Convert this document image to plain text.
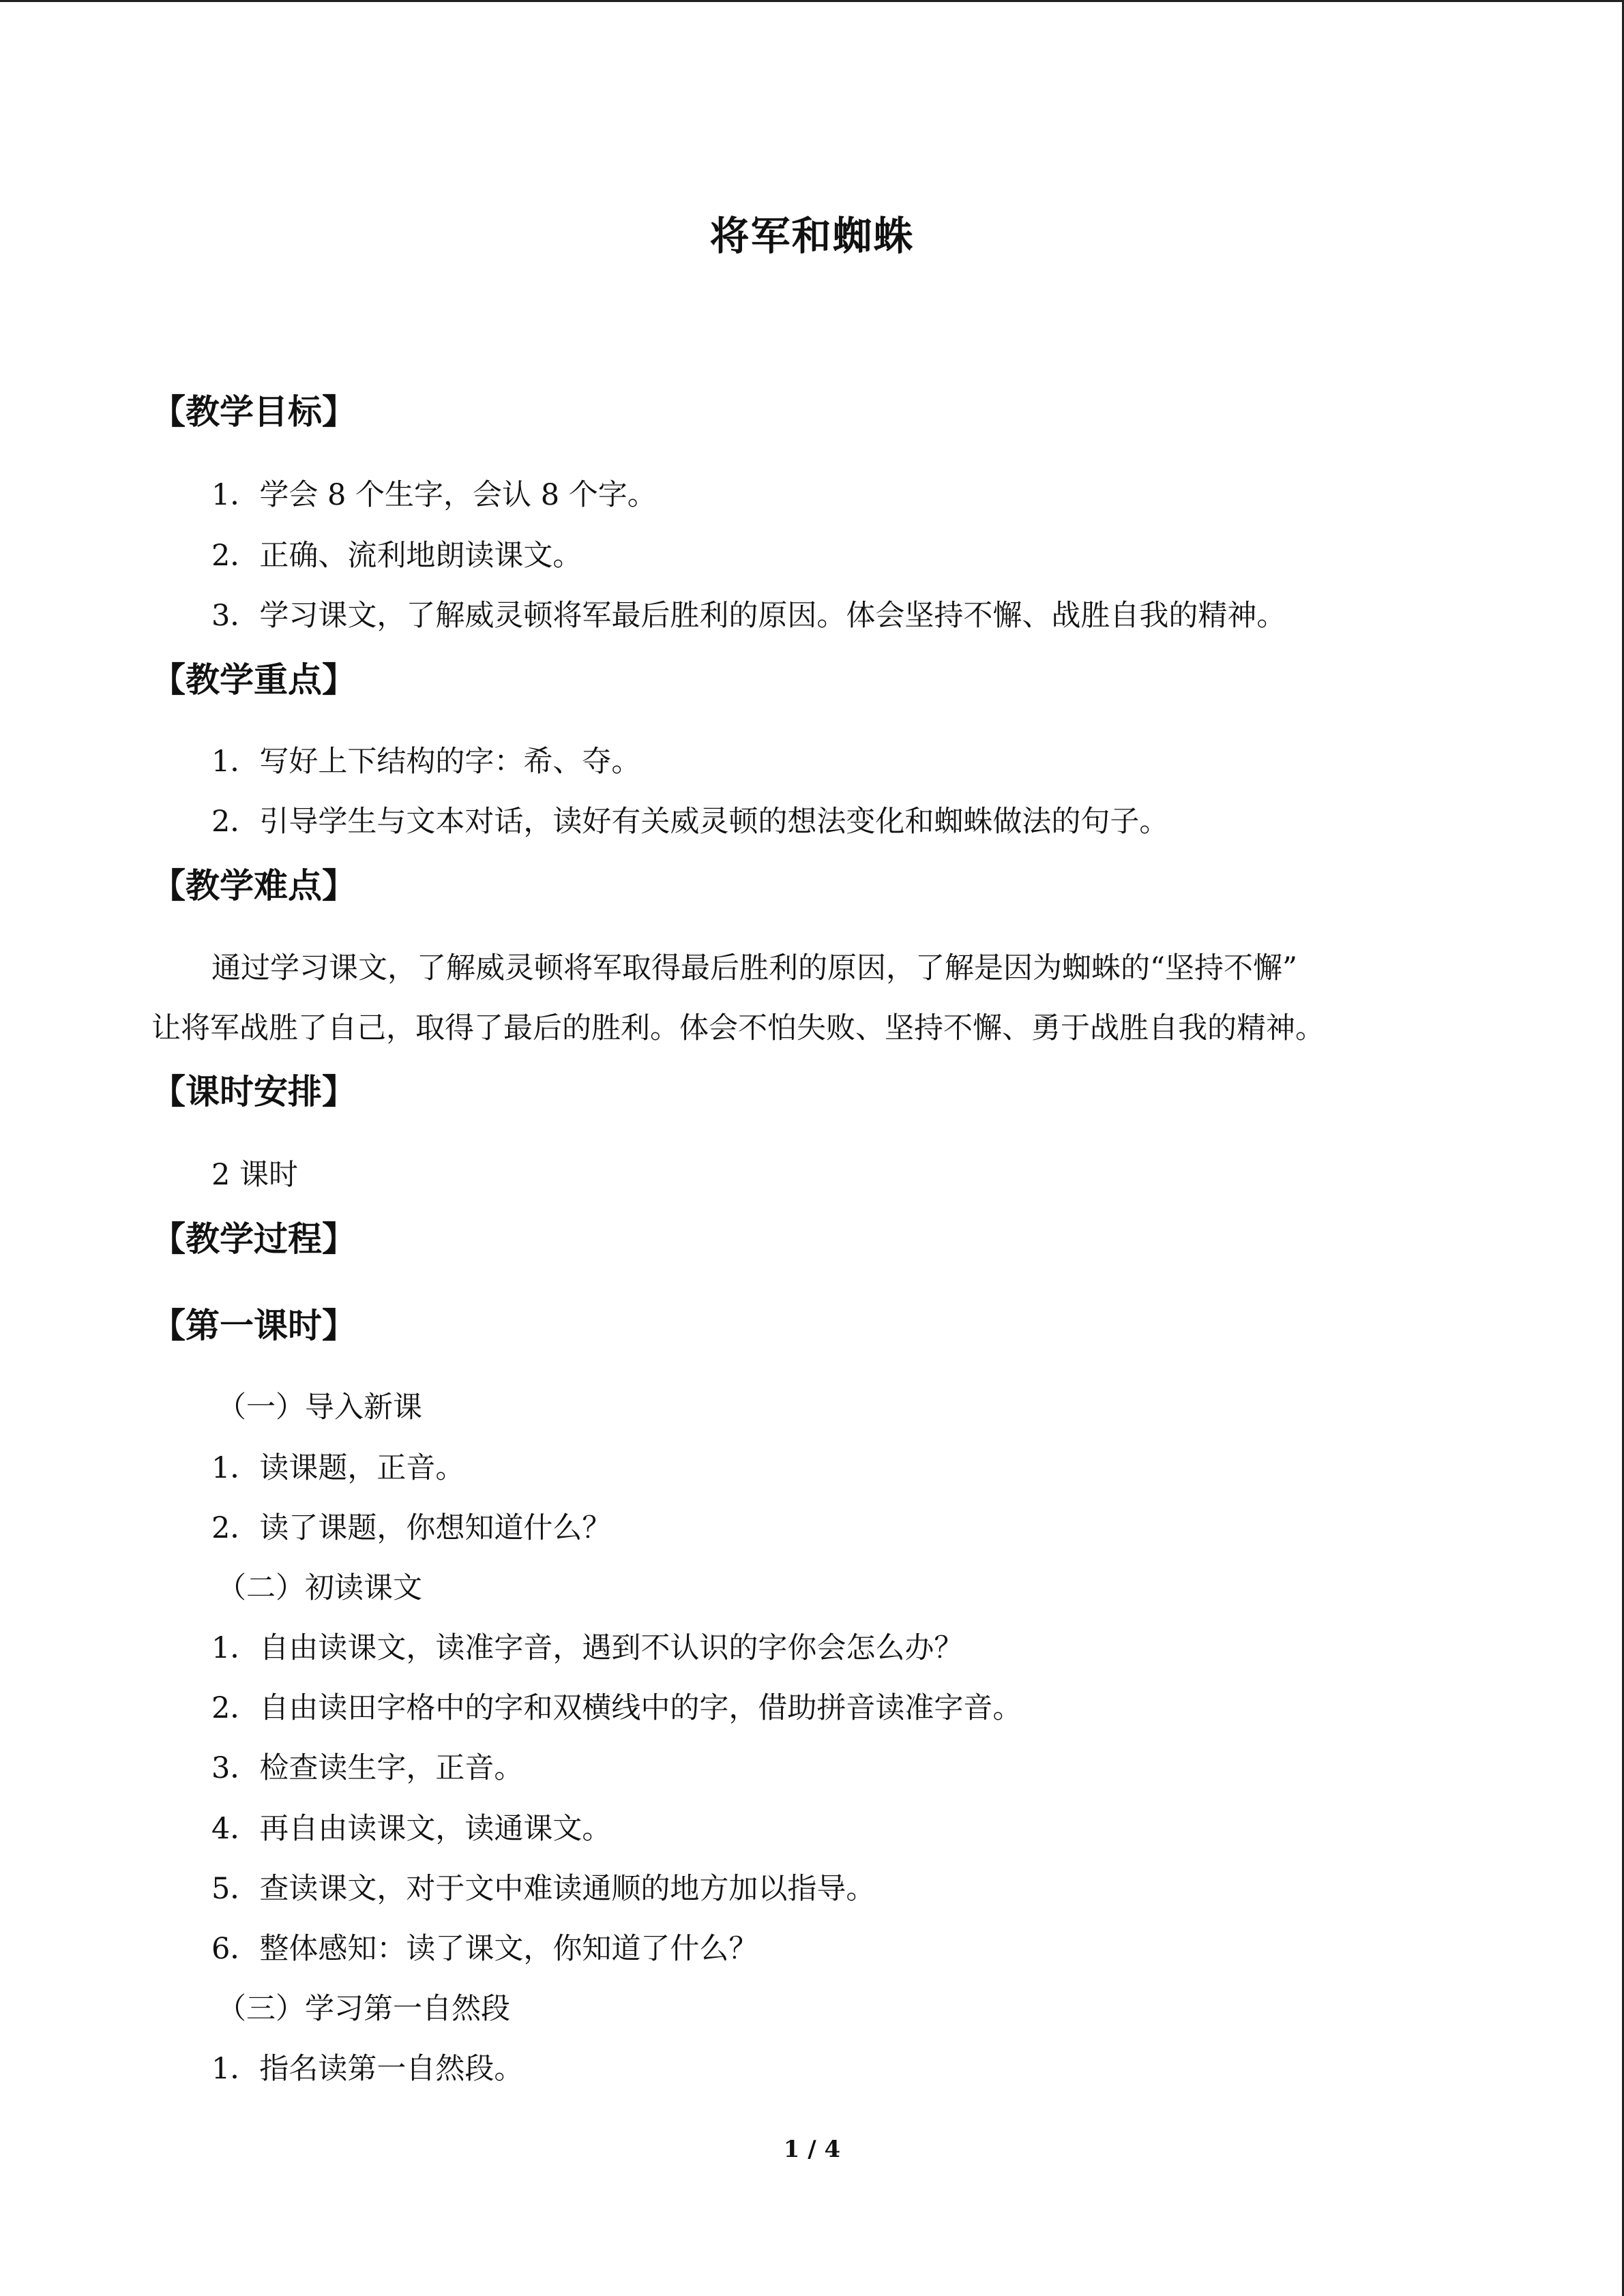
将军和蜘蛛
【教学目标】
1．学会 8 个生字，会认 8 个字。
2．正确、流利地朗读课文。
3．学习课文，了解威灵顿将军最后胜利的原因。体会坚持不懈、战胜自我的精神。
【教学重点】
1．写好上下结构的字：希、夺。
2．引导学生与文本对话，读好有关威灵顿的想法变化和蜘蛛做法的句子。
【教学难点】
通过学习课文，了解威灵顿将军取得最后胜利的原因，了解是因为蜘蛛的“坚持不懈”
让将军战胜了自己，取得了最后的胜利。体会不怕失败、坚持不懈、勇于战胜自我的精神。
【课时安排】
2 课时
【教学过程】
【第一课时】
（一）导入新课
1．读课题，正音。
2．读了课题，你想知道什么？
（二）初读课文
1．自由读课文，读准字音，遇到不认识的字你会怎么办？
2．自由读田字格中的字和双横线中的字，借助拼音读准字音。
3．检查读生字，正音。
4．再自由读课文，读通课文。
5．查读课文，对于文中难读通顺的地方加以指导。
6．整体感知：读了课文，你知道了什么？
（三）学习第一自然段
1．指名读第一自然段。
1 / 4
